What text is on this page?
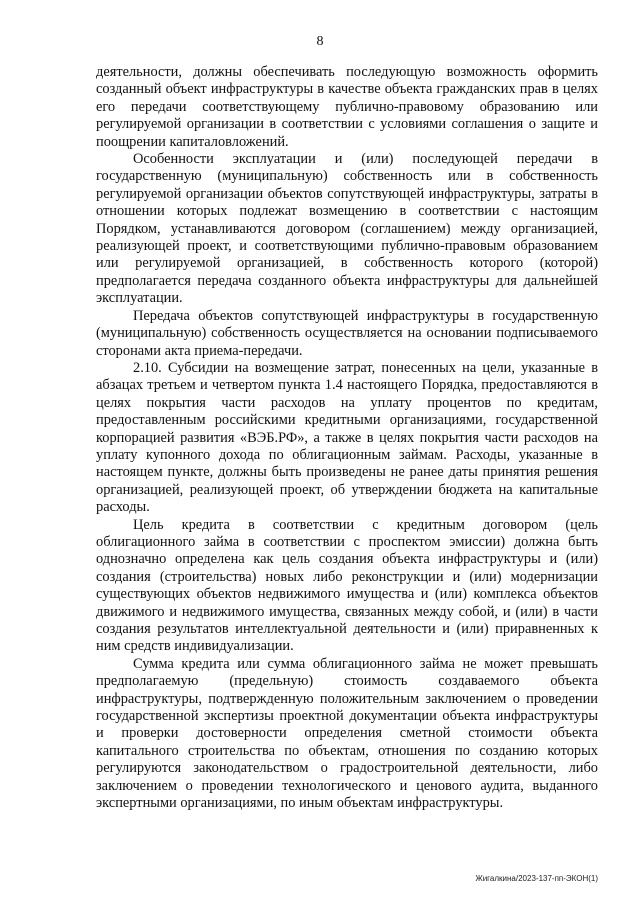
8

деятельности, должны обеспечивать последующую возможность оформить созданный объект инфраструктуры в качестве объекта гражданских прав в целях его передачи соответствующему публично-правовому образованию или регулируемой организации в соответствии с условиями соглашения о защите и поощрении капиталовложений.

Особенности эксплуатации и (или) последующей передачи в государственную (муниципальную) собственность или в собственность регулируемой организации объектов сопутствующей инфраструктуры, затраты в отношении которых подлежат возмещению в соответствии с настоящим Порядком, устанавливаются договором (соглашением) между организацией, реализующей проект, и соответствующими публично-правовым образованием или регулируемой организацией, в собственность которого (которой) предполагается передача созданного объекта инфраструктуры для дальнейшей эксплуатации.

Передача объектов сопутствующей инфраструктуры в государственную (муниципальную) собственность осуществляется на основании подписываемого сторонами акта приема-передачи.

2.10. Субсидии на возмещение затрат, понесенных на цели, указанные в абзацах третьем и четвертом пункта 1.4 настоящего Порядка, предоставляются в целях покрытия части расходов на уплату процентов по кредитам, предоставленным российскими кредитными организациями, государственной корпорацией развития «ВЭБ.РФ», а также в целях покрытия части расходов на уплату купонного дохода по облигационным займам. Расходы, указанные в настоящем пункте, должны быть произведены не ранее даты принятия решения организацией, реализующей проект, об утверждении бюджета на капитальные расходы.

Цель кредита в соответствии с кредитным договором (цель облигационного займа в соответствии с проспектом эмиссии) должна быть однозначно определена как цель создания объекта инфраструктуры и (или) создания (строительства) новых либо реконструкции и (или) модернизации существующих объектов недвижимого имущества и (или) комплекса объектов движимого и недвижимого имущества, связанных между собой, и (или) в части создания результатов интеллектуальной деятельности и (или) приравненных к ним средств индивидуализации.

Сумма кредита или сумма облигационного займа не может превышать предполагаемую (предельную) стоимость создаваемого объекта инфраструктуры, подтвержденную положительным заключением о проведении государственной экспертизы проектной документации объекта инфраструктуры и проверки достоверности определения сметной стоимости объекта капитального строительства по объектам, отношения по созданию которых регулируются законодательством о градостроительной деятельности, либо заключением о проведении технологического и ценового аудита, выданного экспертными организациями, по иным объектам инфраструктуры.

Жигалкина/2023-137-пп-ЭКОН(1)
